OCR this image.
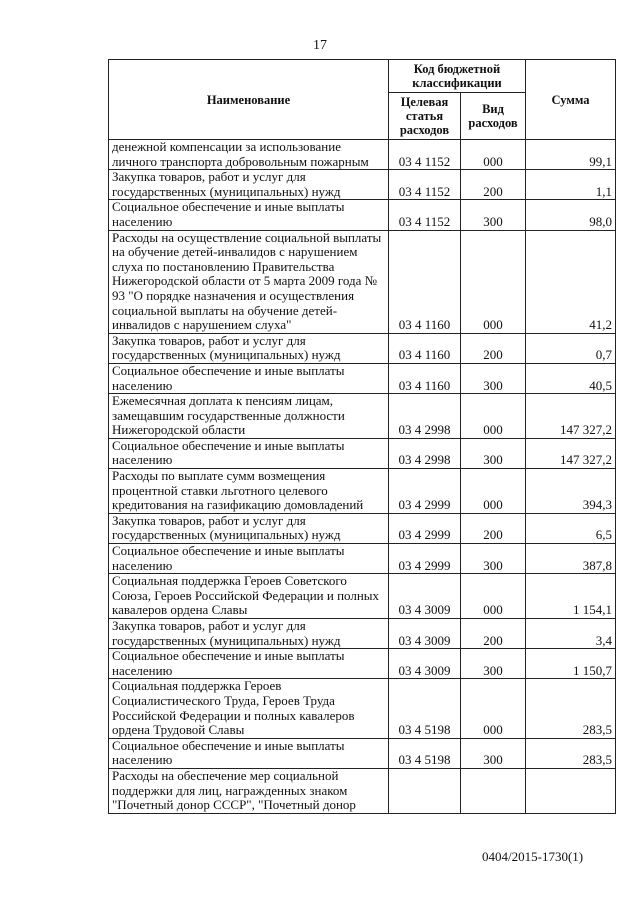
17
Наименование	Код бюджетной классификации		Сумма
	Целевая статья расходов	Вид расходов	
денежной компенсации за использование личного транспорта добровольным пожарным	03 4 1152	000	99,1
Закупка товаров, работ и услуг для государственных (муниципальных) нужд	03 4 1152	200	1,1
Социальное обеспечение и иные выплаты населению	03 4 1152	300	98,0
Расходы на осуществление социальной выплаты на обучение детей-инвалидов с нарушением слуха по постановлению Правительства Нижегородской области от 5 марта 2009 года № 93 "О порядке назначения и осуществления социальной выплаты на обучение детей-инвалидов с нарушением слуха"	03 4 1160	000	41,2
Закупка товаров, работ и услуг для государственных (муниципальных) нужд	03 4 1160	200	0,7
Социальное обеспечение и иные выплаты населению	03 4 1160	300	40,5
Ежемесячная доплата к пенсиям лицам, замещавшим государственные должности Нижегородской области	03 4 2998	000	147 327,2
Социальное обеспечение и иные выплаты населению	03 4 2998	300	147 327,2
Расходы по выплате сумм возмещения процентной ставки льготного целевого кредитования на газификацию домовладений	03 4 2999	000	394,3
Закупка товаров, работ и услуг для государственных (муниципальных) нужд	03 4 2999	200	6,5
Социальное обеспечение и иные выплаты населению	03 4 2999	300	387,8
Социальная поддержка Героев Советского Союза, Героев Российской Федерации и полных кавалеров ордена Славы	03 4 3009	000	1 154,1
Закупка товаров, работ и услуг для государственных (муниципальных) нужд	03 4 3009	200	3,4
Социальное обеспечение и иные выплаты населению	03 4 3009	300	1 150,7
Социальная поддержка Героев Социалистического Труда, Героев Труда Российской Федерации и полных кавалеров ордена Трудовой Славы	03 4 5198	000	283,5
Социальное обеспечение и иные выплаты населению	03 4 5198	300	283,5
Расходы на обеспечение мер социальной поддержки для лиц, награжденных знаком "Почетный донор СССР", "Почетный донор			
0404/2015-1730(1)
